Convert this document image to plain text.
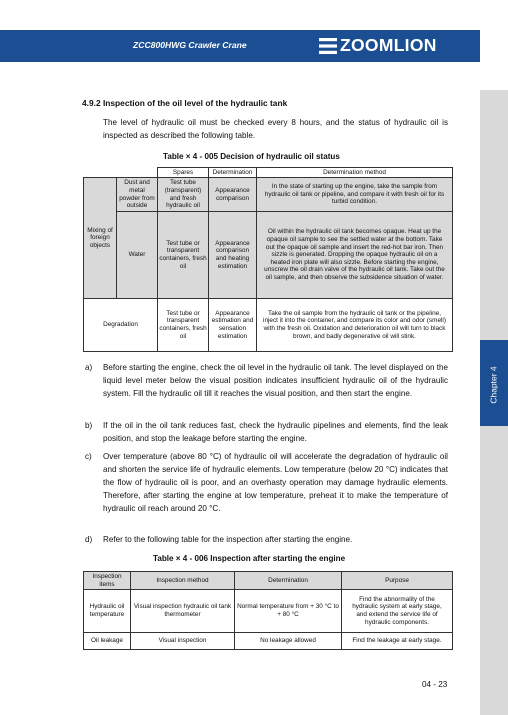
ZCC800HWG Crawler Crane	ZOOMLION
Chapter 4
4.9.2 Inspection of the oil level of the hydraulic tank
The level of hydraulic oil must be checked every 8 hours, and the status of hydraulic oil is inspected as described the following table.
Table × 4 - 005 Decision of hydraulic oil status
		Spares	Determination	Determination method
Mixing of foreign objects	Dust and metal powder from outside	Test tube (transparent) and fresh hydraulic oil	Appearance comparison	In the state of starting up the engine, take the sample from hydraulic oil tank or pipeline, and compare it with fresh oil for its turbid condition.
	Water	Test tube or transparent containers, fresh oil	Appearance comparison and heating estimation	Oil within the hydraulic oil tank becomes opaque. Heat up the opaque oil sample to see the settled water at the bottom. Take out the opaque oil sample and insert the red-hot bar iron. Then sizzle is generated. Dropping the opaque hydraulic oil on a heated iron plate will also sizzle. Before starting the engine, unscrew the oil drain valve of the hydraulic oil tank. Take out the oil sample, and then observe the subsidence situation of water.
Degradation		Test tube or transparent containers, fresh oil	Appearance estimation and sensation estimation	Take the oil sample from the hydraulic oil tank or the pipeline, inject it into the container, and compare its color and odor (smell) with the fresh oil. Oxidation and deterioration oil will turn to black brown, and badly degenerative oil will stink.
a) Before starting the engine, check the oil level in the hydraulic oil tank. The level displayed on the liquid level meter below the visual position indicates insufficient hydraulic oil of the hydraulic system. Fill the hydraulic oil till it reaches the visual position, and then start the engine.
b) If the oil in the oil tank reduces fast, check the hydraulic pipelines and elements, find the leak position, and stop the leakage before starting the engine.
c) Over temperature (above 80 °C) of hydraulic oil will accelerate the degradation of hydraulic oil and shorten the service life of hydraulic elements. Low temperature (below 20 °C) indicates that the flow of hydraulic oil is poor, and an overhasty operation may damage hydraulic elements. Therefore, after starting the engine at low temperature, preheat it to make the temperature of hydraulic oil reach around 20 °C.
d) Refer to the following table for the inspection after starting the engine.
Table × 4 - 006 Inspection after starting the engine
Inspection items	Inspection method	Determination	Purpose
Hydraulic oil temperature	Visual inspection hydraulic oil tank thermometer	Normal temperature from + 30 °C to + 80 °C	Find the abnormality of the hydraulic system at early stage, and extend the service life of hydraulic components.
Oil leakage	Visual inspection	No leakage allowed	Find the leakage at early stage.
04 - 23
